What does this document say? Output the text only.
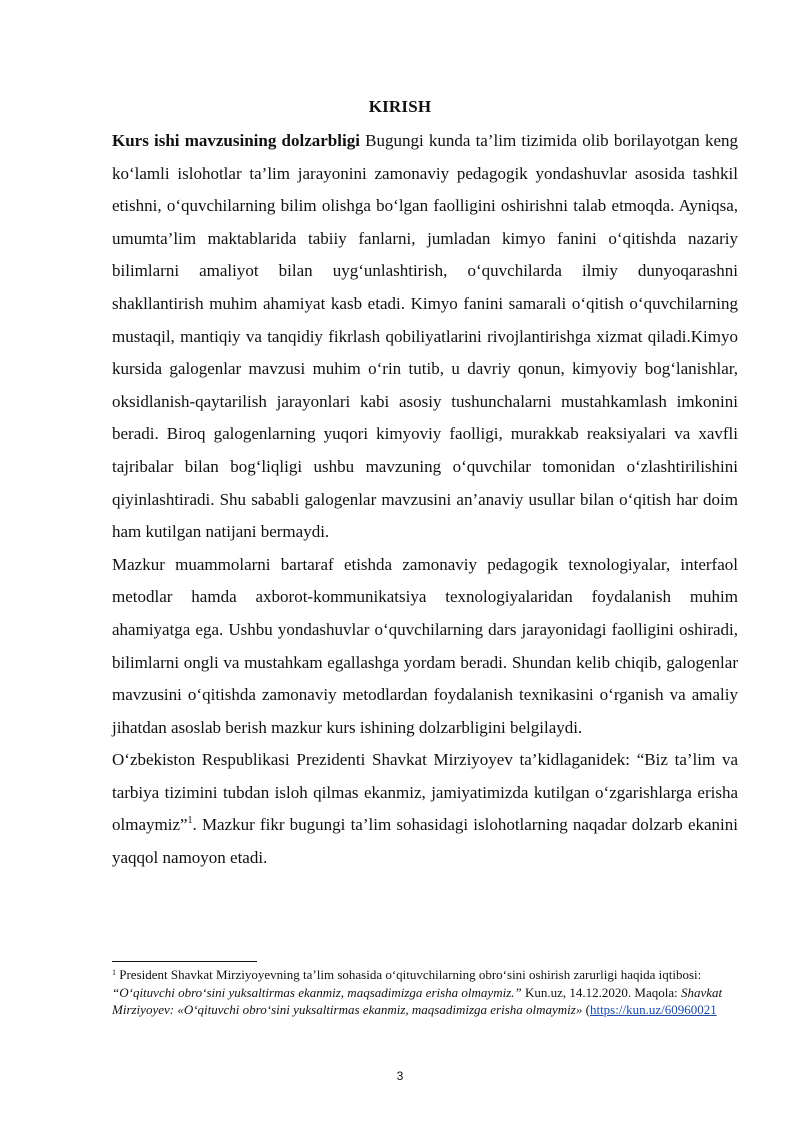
KIRISH

Kurs ishi mavzusining dolzarbligi Bugungi kunda ta’lim tizimida olib borilayotgan keng ko‘lamli islohotlar ta’lim jarayonini zamonaviy pedagogik yondashuvlar asosida tashkil etishni, o‘quvchilarning bilim olishga bo‘lgan faolligini oshirishni talab etmoqda. Ayniqsa, umumta’lim maktablarida tabiiy fanlarni, jumladan kimyo fanini o‘qitishda nazariy bilimlarni amaliyot bilan uyg‘unlashtirish, o‘quvchilarda ilmiy dunyoqarashni shakllantirish muhim ahamiyat kasb etadi. Kimyo fanini samarali o‘qitish o‘quvchilarning mustaqil, mantiqiy va tanqidiy fikrlash qobiliyatlarini rivojlantirishga xizmat qiladi.Kimyo kursida galogenlar mavzusi muhim o‘rin tutib, u davriy qonun, kimyoviy bog‘lanishlar, oksidlanish-qaytarilish jarayonlari kabi asosiy tushunchalarni mustahkamlash imkonini beradi. Biroq galogenlarning yuqori kimyoviy faolligi, murakkab reaksiyalari va xavfli tajribalar bilan bog‘liqligi ushbu mavzuning o‘quvchilar tomonidan o‘zlashtirilishini qiyinlashtiradi. Shu sababli galogenlar mavzusini an’anaviy usullar bilan o‘qitish har doim ham kutilgan natijani bermaydi.

Mazkur muammolarni bartaraf etishda zamonaviy pedagogik texnologiyalar, interfaol metodlar hamda axborot-kommunikatsiya texnologiyalaridan foydalanish muhim ahamiyatga ega. Ushbu yondashuvlar o‘quvchilarning dars jarayonidagi faolligini oshiradi, bilimlarni ongli va mustahkam egallashga yordam beradi. Shundan kelib chiqib, galogenlar mavzusini o‘qitishda zamonaviy metodlardan foydalanish texnikasini o‘rganish va amaliy jihatdan asoslab berish mazkur kurs ishining dolzarbligini belgilaydi.

O‘zbekiston Respublikasi Prezidenti Shavkat Mirziyoyev ta’kidlaganidek: “Biz ta’lim va tarbiya tizimini tubdan isloh qilmas ekanmiz, jamiyatimizda kutilgan o‘zgarishlarga erisha olmaymiz”$^1$. Mazkur fikr bugungi ta’lim sohasidagi islohotlarning naqadar dolzarb ekanini yaqqol namoyon etadi.

$^1$ President Shavkat Mirziyoyevning ta’lim sohasida o‘qituvchilarning obro‘sini oshirish zarurligi haqida iqtibosi: “O‘qituvchi obro‘sini yuksaltirmas ekanmiz, maqsadimizga erisha olmaymiz.” Kun.uz, 14.12.2020. Maqola: Shavkat Mirziyoyev: «O‘qituvchi obro‘sini yuksaltirmas ekanmiz, maqsadimizga erisha olmaymiz» (https://kun.uz/60960021
3
